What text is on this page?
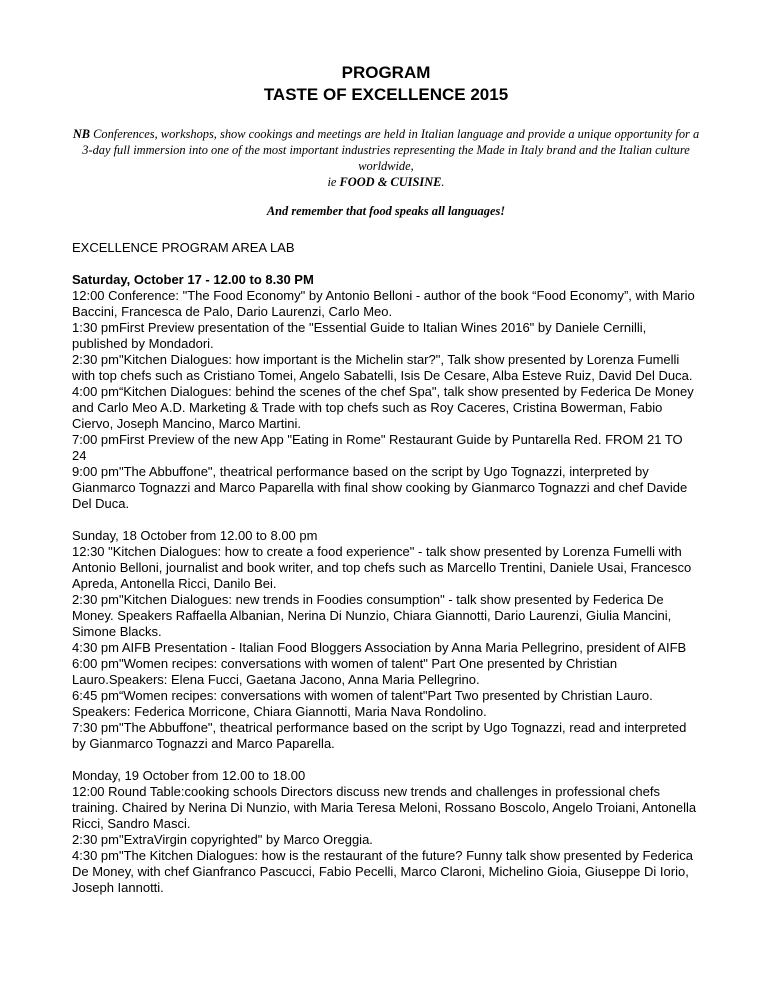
PROGRAM
TASTE OF EXCELLENCE 2015

NB Conferences, workshops, show cookings and meetings are held in Italian language and provide a unique opportunity for a 3-day full immersion into one of the most important industries representing the Made in Italy brand and the Italian culture worldwide,
ie FOOD & CUISINE.

And remember that food speaks all languages!

EXCELLENCE PROGRAM AREA LAB

Saturday, October 17 - 12.00 to 8.30 PM

12:00 Conference: "The Food Economy" by Antonio Belloni - author of the book “Food Economy”, with Mario Baccini, Francesca de Palo, Dario Laurenzi, Carlo Meo.

1:30 pmFirst Preview presentation of the "Essential Guide to Italian Wines 2016" by Daniele Cernilli, published by Mondadori.

2:30 pm"Kitchen Dialogues: how important is the Michelin star?", Talk show presented by Lorenza Fumelli with top chefs such as Cristiano Tomei, Angelo Sabatelli, Isis De Cesare, Alba Esteve Ruiz, David Del Duca.

4:00 pm“Kitchen Dialogues: behind the scenes of the chef Spa", talk show presented by Federica De Money and Carlo Meo A.D. Marketing & Trade with top chefs such as Roy Caceres, Cristina Bowerman, Fabio Ciervo, Joseph Mancino, Marco Martini.

7:00 pmFirst Preview of the new App "Eating in Rome" Restaurant Guide by Puntarella Red. FROM 21 TO 24

9:00 pm"The Abbuffone", theatrical performance based on the script by Ugo Tognazzi, interpreted by Gianmarco Tognazzi and Marco Paparella with final show cooking by Gianmarco Tognazzi and chef Davide Del Duca.

Sunday, 18 October from 12.00 to 8.00 pm

12:30 "Kitchen Dialogues: how to create a food experience" - talk show presented by Lorenza Fumelli with Antonio Belloni, journalist and book writer, and top chefs such as Marcello Trentini, Daniele Usai, Francesco Apreda, Antonella Ricci, Danilo Bei.

2:30 pm"Kitchen Dialogues: new trends in Foodies consumption" - talk show presented by Federica De Money. Speakers Raffaella Albanian, Nerina Di Nunzio, Chiara Giannotti, Dario Laurenzi, Giulia Mancini, Simone Blacks.

4:30 pm AIFB Presentation - Italian Food Bloggers Association by Anna Maria Pellegrino, president of AIFB

6:00 pm"Women recipes: conversations with women of talent" Part One presented by Christian Lauro.Speakers: Elena Fucci, Gaetana Jacono, Anna Maria Pellegrino.

6:45 pm“Women recipes: conversations with women of talent"Part Two presented by Christian Lauro. Speakers: Federica Morricone, Chiara Giannotti, Maria Nava Rondolino.

7:30 pm"The Abbuffone", theatrical performance based on the script by Ugo Tognazzi, read and interpreted by Gianmarco Tognazzi and Marco Paparella.

Monday, 19 October from 12.00 to 18.00

12:00 Round Table:cooking schools Directors discuss new trends and challenges in professional chefs training. Chaired by Nerina Di Nunzio, with Maria Teresa Meloni, Rossano Boscolo, Angelo Troiani, Antonella Ricci, Sandro Masci.

2:30 pm"ExtraVirgin copyrighted" by Marco Oreggia.

4:30 pm"The Kitchen Dialogues: how is the restaurant of the future? Funny talk show presented by Federica De Money, with chef Gianfranco Pascucci, Fabio Pecelli, Marco Claroni, Michelino Gioia, Giuseppe Di Iorio, Joseph Iannotti.
